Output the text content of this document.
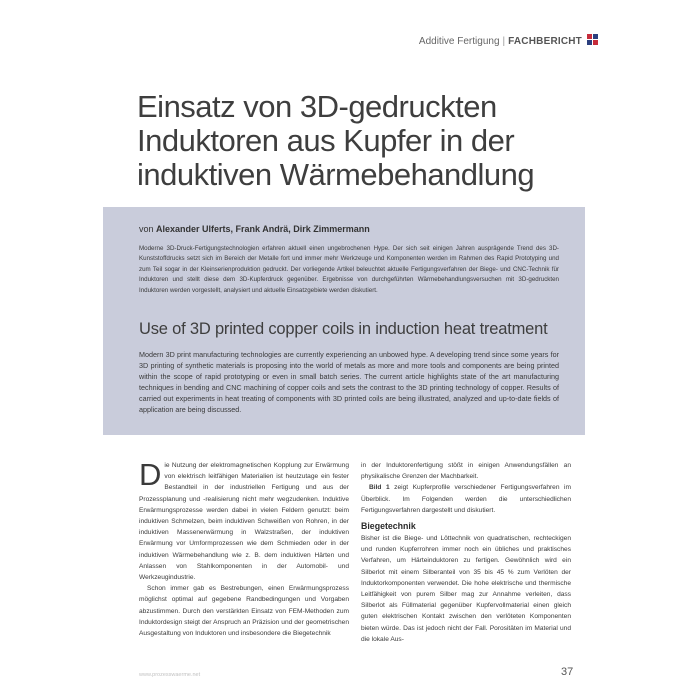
Additive Fertigung | FACHBERICHT
Einsatz von 3D-gedruckten Induktoren aus Kupfer in der induktiven Wärmebehandlung
von Alexander Ulferts, Frank Andrä, Dirk Zimmermann

Moderne 3D-Druck-Fertigungstechnologien erfahren aktuell einen ungebrochenen Hype. Der sich seit einigen Jahren ausprägende Trend des 3D-Kunststoffdrucks setzt sich im Bereich der Metalle fort und immer mehr Werkzeuge und Komponenten werden im Rahmen des Rapid Prototyping und zum Teil sogar in der Kleinserienproduktion gedruckt. Der vorliegende Artikel beleuchtet aktuelle Fertigungsverfahren der Biege- und CNC-Technik für Induktoren und stellt diese dem 3D-Kupferdruck gegenüber. Ergebnisse von durchgeführten Wärmebehandlungsversuchen mit 3D-gedruckten Induktoren werden vorgestellt, analysiert und aktuelle Einsatzgebiete werden diskutiert.

Use of 3D printed copper coils in induction heat treatment

Modern 3D print manufacturing technologies are currently experiencing an unbowed hype. A developing trend since some years for 3D printing of synthetic materials is proposing into the world of metals as more and more tools and components are being printed within the scope of rapid prototyping or even in small batch series. The current article highlights state of the art manufacturing techniques in bending and CNC machining of copper coils and sets the contrast to the 3D printing technology of copper. Results of carried out experiments in heat treating of components with 3D printed coils are being illustrated, analyzed and up-to-date fields of application are being discussed.

Die Nutzung der elektromagnetischen Kopplung zur Erwärmung von elektrisch leitfähigen Materialien ist heutzutage ein fester Bestandteil in der industriellen Fertigung und aus der Prozessplanung und -realisierung nicht mehr wegzudenken. Induktive Erwärmungsprozesse werden dabei in vielen Feldern genutzt: beim induktiven Schmelzen, beim induktiven Schweißen von Rohren, in der induktiven Massenerwärmung in Walzstraßen, der induktiven Erwärmung vor Umformprozessen wie dem Schmieden oder in der induktiven Wärmebehandlung wie z. B. dem induktiven Härten und Anlassen von Stahlkomponenten in der Automobil- und Werkzeugindustrie.

Schon immer gab es Bestrebungen, einen Erwärmungsprozess möglichst optimal auf gegebene Randbedingungen und Vorgaben abzustimmen. Durch den verstärkten Einsatz von FEM-Methoden zum Induktordesign steigt der Anspruch an Präzision und der geometrischen Ausgestaltung von Induktoren und insbesondere die Biegetechnik

in der Induktorenfertigung stößt in einigen Anwendungsfällen an physikalische Grenzen der Machbarkeit.

Bild 1 zeigt Kupferprofile verschiedener Fertigungsverfahren im Überblick. Im Folgenden werden die unterschiedlichen Fertigungsverfahren dargestellt und diskutiert.

Biegetechnik

Bisher ist die Biege- und Löttechnik von quadratischen, rechteckigen und runden Kupferrohren immer noch ein übliches und praktisches Verfahren, um Härteinduktoren zu fertigen. Gewöhnlich wird ein Silberlot mit einem Silberanteil von 35 bis 45 % zum Verlöten der Induktorkomponenten verwendet. Die hohe elektrische und thermische Leitfähigkeit von purem Silber mag zur Annahme verleiten, dass Silberlot als Füllmaterial gegenüber Kupfervollmaterial einen gleich guten elektrischen Kontakt zwischen den verlöteten Komponenten bieten würde. Das ist jedoch nicht der Fall. Porositäten im Material und die lokale Aus-

www.prozesswaerme.net	37
